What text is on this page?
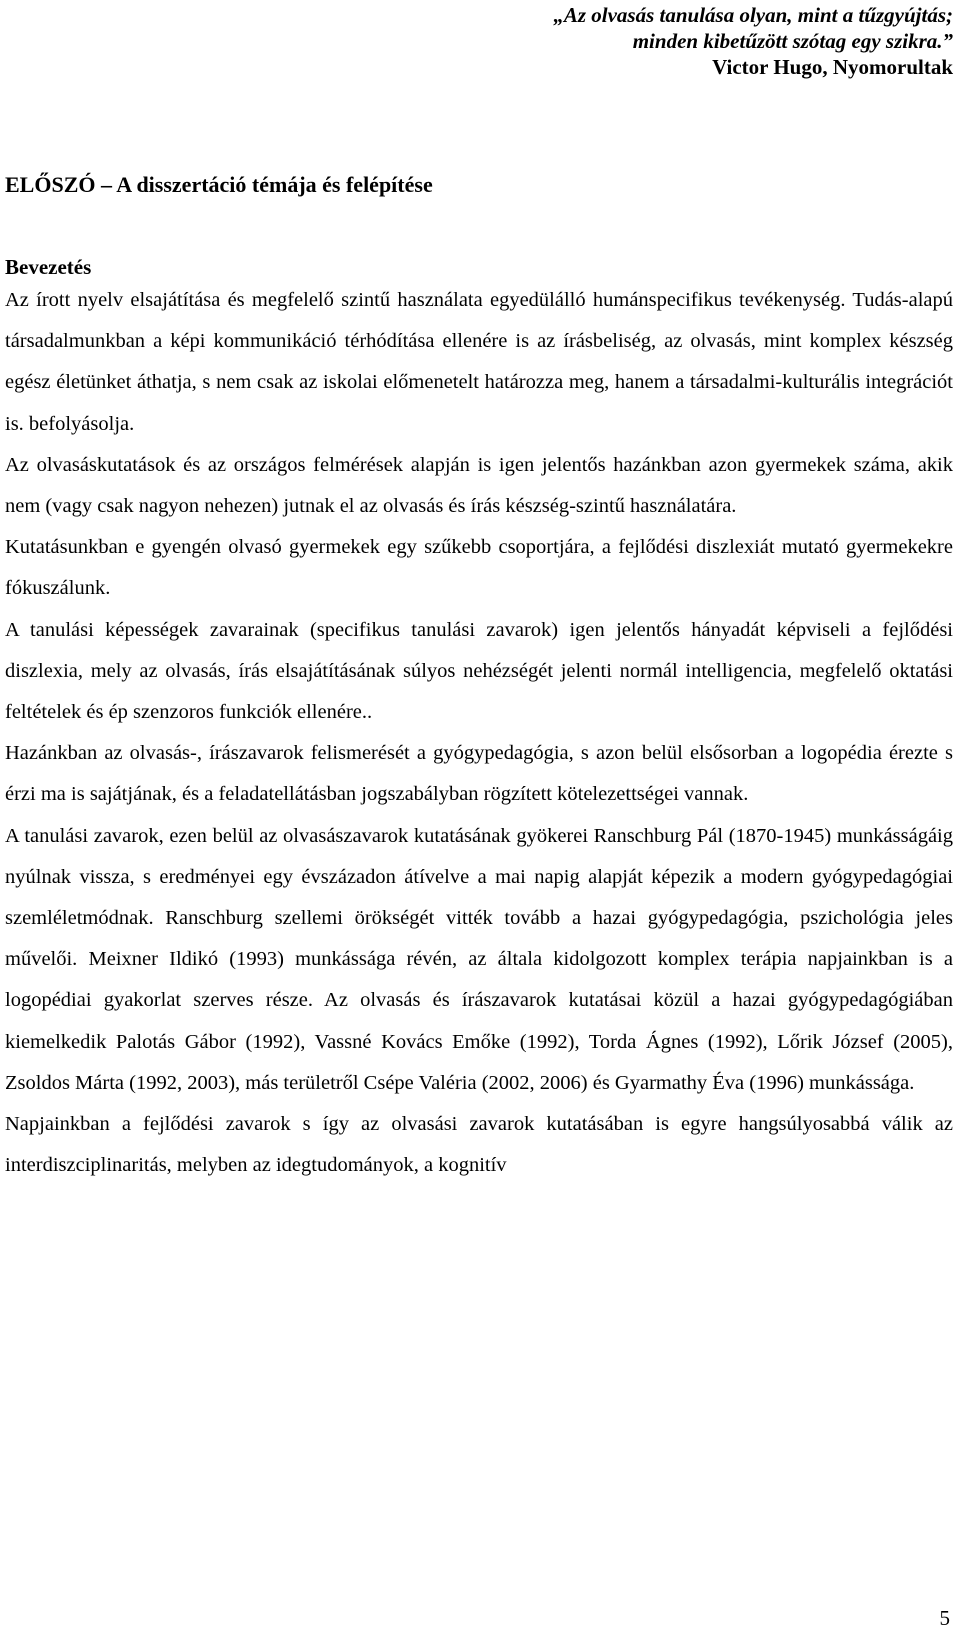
„Az olvasás tanulása olyan, mint a tűzgyújtás;
minden kibetűzött szótag egy szikra.”
Victor Hugo, Nyomorultak
ELŐSZÓ – A disszertáció témája és felépítése
Bevezetés

Az írott nyelv elsajátítása és megfelelő szintű használata egyedülálló humánspecifikus tevékenység. Tudás-alapú társadalmunkban a képi kommunikáció térhódítása ellenére is az írásbeliség, az olvasás, mint komplex készség egész életünket áthatja, s nem csak az iskolai előmenetelt határozza meg, hanem a társadalmi-kulturális integrációt is. befolyásolja.

Az olvasáskutatások és az országos felmérések alapján is igen jelentős hazánkban azon gyermekek száma, akik nem (vagy csak nagyon nehezen) jutnak el az olvasás és írás készség-szintű használatára.

Kutatásunkban e gyengén olvasó gyermekek egy szűkebb csoportjára, a fejlődési diszlexiát mutató gyermekekre fókuszálunk.

A tanulási képességek zavarainak (specifikus tanulási zavarok) igen jelentős hányadát képviseli a fejlődési diszlexia, mely az olvasás, írás elsajátításának súlyos nehézségét jelenti normál intelligencia, megfelelő oktatási feltételek és ép szenzoros funkciók ellenére..

Hazánkban az olvasás-, írászavarok felismerését a gyógypedagógia, s azon belül elsősorban a logopédia érezte s érzi ma is sajátjának, és a feladatellátásban jogszabályban rögzített kötelezettségei vannak.

A tanulási zavarok, ezen belül az olvasászavarok kutatásának gyökerei Ranschburg Pál (1870-1945) munkásságáig nyúlnak vissza, s eredményei egy évszázadon átívelve a mai napig alapját képezik a modern gyógypedagógiai szemléletmódnak. Ranschburg szellemi örökségét vitték tovább a hazai gyógypedagógia, pszichológia jeles művelői. Meixner Ildikó (1993) munkássága révén, az általa kidolgozott komplex terápia napjainkban is a logopédiai gyakorlat szerves része. Az olvasás és írászavarok kutatásai közül a hazai gyógypedagógiában kiemelkedik Palotás Gábor (1992), Vassné Kovács Emőke (1992), Torda Ágnes (1992), Lőrik József (2005), Zsoldos Márta (1992, 2003), más területről Csépe Valéria (2002, 2006) és Gyarmathy Éva (1996) munkássága.

Napjainkban a fejlődési zavarok s így az olvasási zavarok kutatásában is egyre hangsúlyosabbá válik az interdiszciplinaritás, melyben az idegtudományok, a kognitív

5
